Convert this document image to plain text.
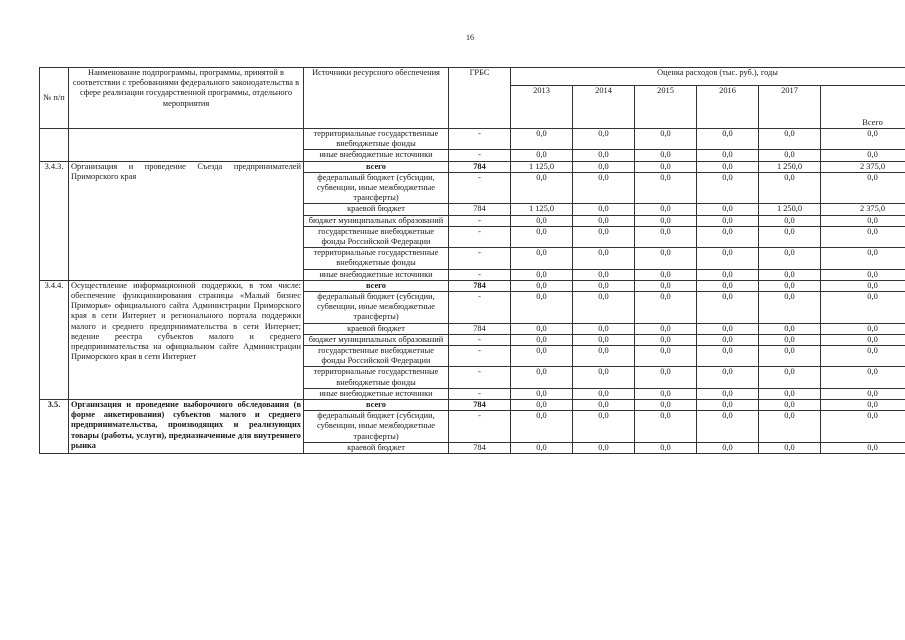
16
№ п/п	Наименование подпрограммы, программы, принятой в соответствии с требованиями федерального законодательства в сфере реализации государственной программы, отдельного мероприятия	Источники ресурсного обеспечения	ГРБС	Оценка расходов (тыс. руб.), годы					
				2013	2014	2015	2016	2017	Всего
		территориальные государственные внебюджетные фонды	-	0,0	0,0	0,0	0,0	0,0	0,0
		иные внебюджетные источники	-	0,0	0,0	0,0	0,0	0,0	0,0
3.4.3.	Организация и проведение Съезда предпринимателей Приморского края	всего	784	1 125,0	0,0	0,0	0,0	1 250,0	2 375,0
		федеральный бюджет (субсидии, субвенции, иные межбюджетные трансферты)	-	0,0	0,0	0,0	0,0	0,0	0,0
		краевой бюджет	784	1 125,0	0,0	0,0	0,0	1 250,0	2 375,0
		бюджет муниципальных образований	-	0,0	0,0	0,0	0,0	0,0	0,0
		государственные внебюджетные фонды Российской Федерации	-	0,0	0,0	0,0	0,0	0,0	0,0
		территориальные государственные внебюджетные фонды	-	0,0	0,0	0,0	0,0	0,0	0,0
		иные внебюджетные источники	-	0,0	0,0	0,0	0,0	0,0	0,0
3.4.4.	Осуществление информационной поддержки, в том числе: обеспечение функционирования страницы «Малый бизнес Приморья» официального сайта Администрации Приморского края в сети Интернет и регионального портала поддержки малого и среднего предпринимательства в сети Интернет; ведение реестра субъектов малого и среднего предпринимательства на официальном сайте Администрации Приморского края в сети Интернет	всего	784	0,0	0,0	0,0	0,0	0,0	0,0
		федеральный бюджет (субсидии, субвенции, иные межбюджетные трансферты)	-	0,0	0,0	0,0	0,0	0,0	0,0
		краевой бюджет	784	0,0	0,0	0,0	0,0	0,0	0,0
		бюджет муниципальных образований	-	0,0	0,0	0,0	0,0	0,0	0,0
		государственные внебюджетные фонды Российской Федерации	-	0,0	0,0	0,0	0,0	0,0	0,0
		территориальные государственные внебюджетные фонды	-	0,0	0,0	0,0	0,0	0,0	0,0
		иные внебюджетные источники	-	0,0	0,0	0,0	0,0	0,0	0,0
3.5.	Организация и проведение выборочного обследования (в форме анкетирования) субъектов малого и среднего предпринимательства, производящих и реализующих товары (работы, услуги), предназначенные для внутреннего рынка	всего	784	0,0	0,0	0,0	0,0	0,0	0,0
		федеральный бюджет (субсидии, субвенции, иные межбюджетные трансферты)	-	0,0	0,0	0,0	0,0	0,0	0,0
		краевой бюджет	784	0,0	0,0	0,0	0,0	0,0	0,0
